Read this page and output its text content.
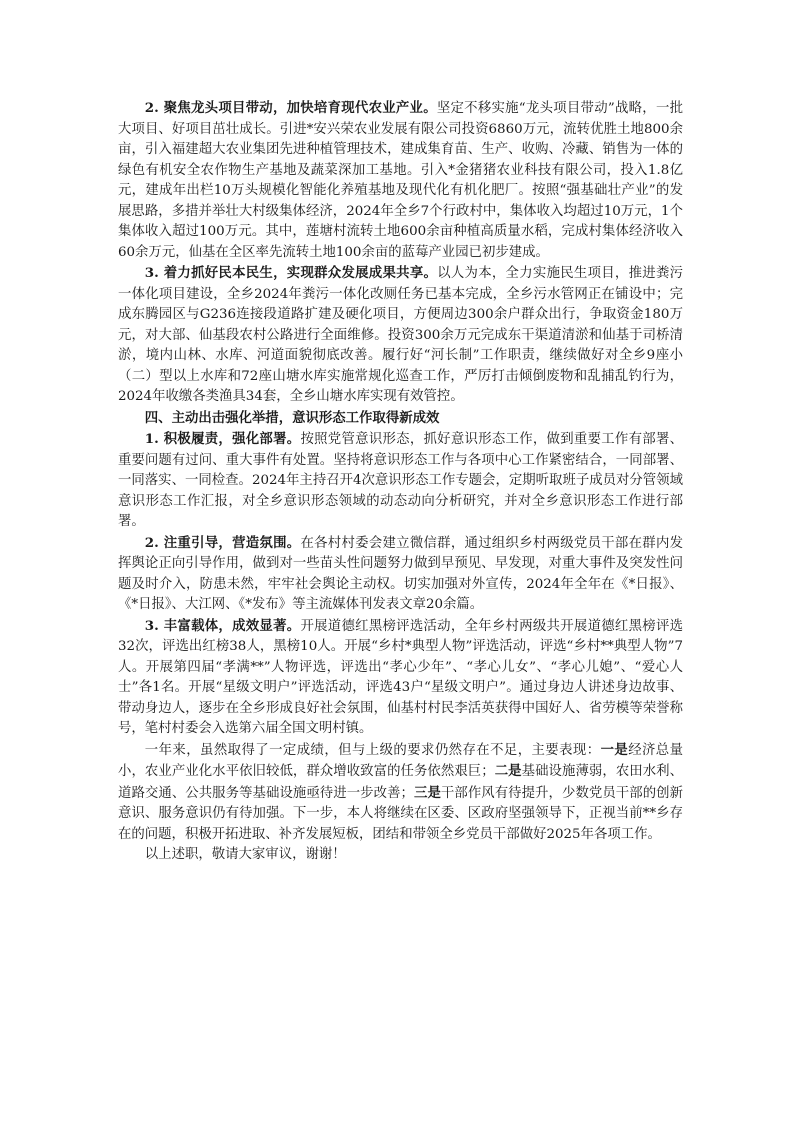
2. 聚焦龙头项目带动，加快培育现代农业产业。坚定不移实施“龙头项目带动”战略，一批大项目、好项目茁壮成长。引进*安兴荣农业发展有限公司投资6860万元，流转优胜土地800余亩，引入福建超大农业集团先进种植管理技术，建成集育苗、生产、收购、冷藏、销售为一体的绿色有机安全农作物生产基地及蔬菜深加工基地。引入*金猪猪农业科技有限公司，投入1.8亿元，建成年出栏10万头规模化智能化养殖基地及现代化有机化肥厂。按照“强基础壮产业”的发展思路，多措并举壮大村级集体经济，2024年全乡7个行政村中，集体收入均超过10万元，1个集体收入超过100万元。其中，莲塘村流转土地600余亩种植高质量水稻，完成村集体经济收入60余万元，仙基在全区率先流转土地100余亩的蓝莓产业园已初步建成。

3. 着力抓好民本民生，实现群众发展成果共享。以人为本，全力实施民生项目，推进粪污一体化项目建设，全乡2024年粪污一体化改厕任务已基本完成，全乡污水管网正在铺设中；完成东腾园区与G236连接段道路扩建及硬化项目，方便周边300余户群众出行，争取资金180万元，对大部、仙基段农村公路进行全面维修。投资300余万元完成东干渠道清淤和仙基于司桥清淤，境内山林、水库、河道面貌彻底改善。履行好“河长制”工作职责，继续做好对全乡9座小（二）型以上水库和72座山塘水库实施常规化巡查工作，严厉打击倾倒废物和乱捕乱钓行为，2024年收缴各类渔具34套，全乡山塘水库实现有效管控。

四、主动出击强化举措，意识形态工作取得新成效

1. 积极履责，强化部署。按照党管意识形态，抓好意识形态工作，做到重要工作有部署、重要问题有过问、重大事件有处置。坚持将意识形态工作与各项中心工作紧密结合，一同部署、一同落实、一同检查。2024年主持召开4次意识形态工作专题会，定期听取班子成员对分管领域意识形态工作汇报，对全乡意识形态领域的动态动向分析研究，并对全乡意识形态工作进行部署。

2. 注重引导，营造氛围。在各村村委会建立微信群，通过组织乡村两级党员干部在群内发挥舆论正向引导作用，做到对一些苗头性问题努力做到早预见、早发现，对重大事件及突发性问题及时介入，防患未然，牢牢社会舆论主动权。切实加强对外宣传，2024年全年在《*日报》、《*日报》、大江网、《*发布》等主流媒体刊发表文章20余篇。

3. 丰富载体，成效显著。开展道德红黑榜评选活动，全年乡村两级共开展道德红黑榜评选32次，评选出红榜38人，黑榜10人。开展“乡村*典型人物”评选活动，评选“乡村**典型人物”7人。开展第四届“孝满**”人物评选，评选出“孝心少年”、“孝心儿女”、“孝心儿媳”、“爱心人士”各1名。开展“星级文明户”评选活动，评选43户“星级文明户”。通过身边人讲述身边故事、带动身边人，逐步在全乡形成良好社会氛围，仙基村村民李活英获得中国好人、省劳模等荣誉称号，笔村村委会入选第六届全国文明村镇。

一年来，虽然取得了一定成绩，但与上级的要求仍然存在不足，主要表现：一是经济总量小，农业产业化水平依旧较低，群众增收致富的任务依然艰巨；二是基础设施薄弱，农田水利、道路交通、公共服务等基础设施亟待进一步改善；三是干部作风有待提升，少数党员干部的创新意识、服务意识仍有待加强。下一步，本人将继续在区委、区政府坚强领导下，正视当前**乡存在的问题，积极开拓进取、补齐发展短板，团结和带领全乡党员干部做好2025年各项工作。

以上述职，敬请大家审议，谢谢！
